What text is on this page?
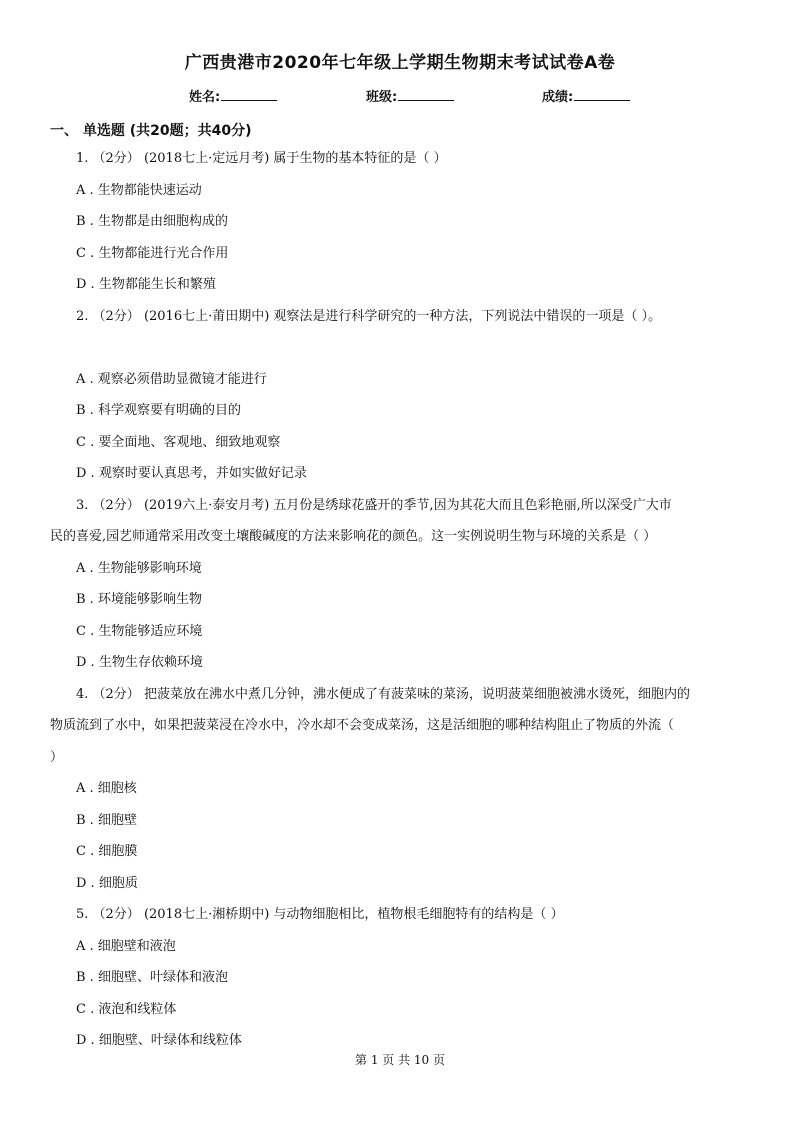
广西贵港市2020年七年级上学期生物期末考试试卷A卷
姓名:	班级:	成绩:
一、 单选题 (共20题；共40分)
1. （2分） (2018七上·定远月考) 属于生物的基本特征的是（ ）
A . 生物都能快速运动
B . 生物都是由细胞构成的
C . 生物都能进行光合作用
D . 生物都能生长和繁殖
2. （2分） (2016七上·莆田期中) 观察法是进行科学研究的一种方法，下列说法中错误的一项是（ ）。
A . 观察必须借助显微镜才能进行
B . 科学观察要有明确的目的
C . 要全面地、客观地、细致地观察
D . 观察时要认真思考，并如实做好记录
3. （2分） (2019六上·泰安月考) 五月份是绣球花盛开的季节,因为其花大而且色彩艳丽,所以深受广大市
民的喜爱,园艺师通常采用改变土壤酸碱度的方法来影响花的颜色。这一实例说明生物与环境的关系是（ ）
A . 生物能够影响环境
B . 环境能够影响生物
C . 生物能够适应环境
D . 生物生存依赖环境
4. （2分） 把菠菜放在沸水中煮几分钟，沸水便成了有菠菜味的菜汤，说明菠菜细胞被沸水烫死，细胞内的
物质流到了水中，如果把菠菜浸在冷水中，冷水却不会变成菜汤，这是活细胞的哪种结构阻止了物质的外流（
）
A . 细胞核
B . 细胞壁
C . 细胞膜
D . 细胞质
5. （2分） (2018七上·湘桥期中) 与动物细胞相比，植物根毛细胞特有的结构是（ ）
A . 细胞壁和液泡
B . 细胞壁、叶绿体和液泡
C . 液泡和线粒体
D . 细胞壁、叶绿体和线粒体
第 1 页 共 10 页
